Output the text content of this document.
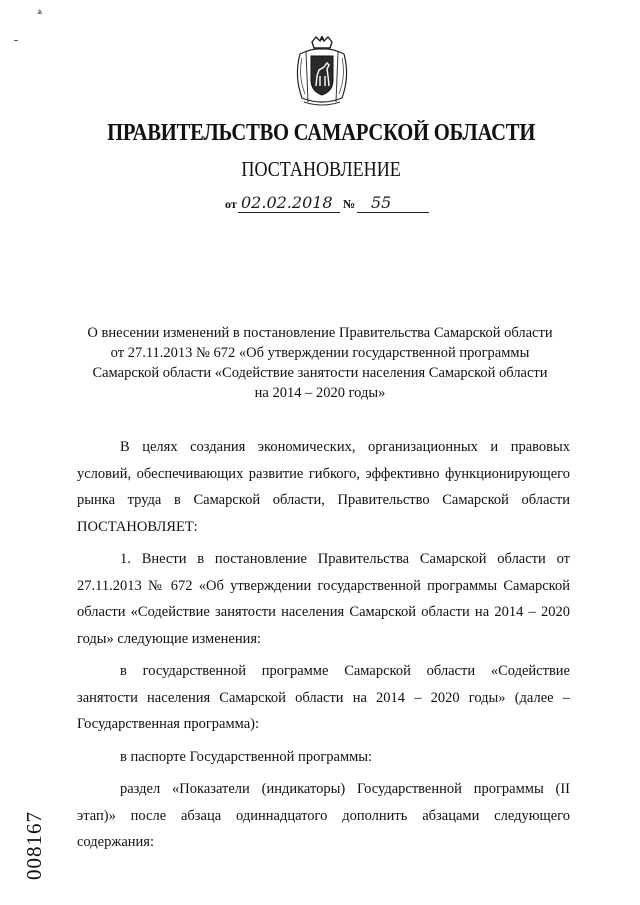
ѧ
ПРАВИТЕЛЬСТВО САМАРСКОЙ ОБЛАСТИ
ПОСТАНОВЛЕНИЕ
от 02.02.2018 № 55
О внесении изменений в постановление Правительства Самарской области
от 27.11.2013 № 672 «Об утверждении государственной программы
Самарской области «Содействие занятости населения Самарской области
на 2014 – 2020 годы»

В целях создания экономических, организационных и правовых условий, обеспечивающих развитие гибкого, эффективно функционирующего рынка труда в Самарской области, Правительство Самарской области ПОСТАНОВЛЯЕТ:

1. Внести в постановление Правительства Самарской области от 27.11.2013 № 672 «Об утверждении государственной программы Самарской области «Содействие занятости населения Самарской области на 2014 – 2020 годы» следующие изменения:

в государственной программе Самарской области «Содействие занятости населения Самарской области на 2014 – 2020 годы» (далее – Государственная программа):

в паспорте Государственной программы:

раздел «Показатели (индикаторы) Государственной программы (II этап)» после абзаца одиннадцатого дополнить абзацами следующего содержания:

008167
